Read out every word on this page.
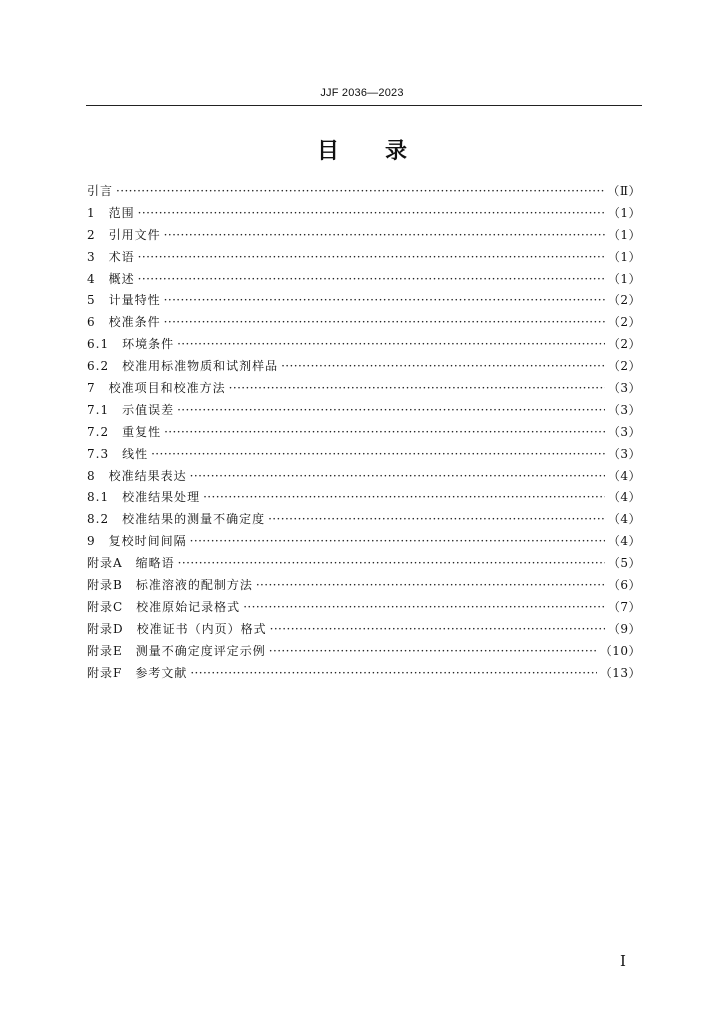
JJF 2036—2023
目录
引言 ·····	（Ⅱ）
1　范围 ·····	（1）
2　引用文件 ·····	（1）
3　术语 ·····	（1）
4　概述 ·····	（1）
5　计量特性 ·····	（2）
6　校准条件 ·····	（2）
6.1　环境条件 ·····	（2）
6.2　校准用标准物质和试剂样品 ·····	（2）
7　校准项目和校准方法 ·····	（3）
7.1　示值误差 ·····	（3）
7.2　重复性 ·····	（3）
7.3　线性 ·····	（3）
8　校准结果表达 ·····	（4）
8.1　校准结果处理 ·····	（4）
8.2　校准结果的测量不确定度 ·····	（4）
9　复校时间间隔 ·····	（4）
附录A　缩略语 ·····	（5）
附录B　标准溶液的配制方法 ·····	（6）
附录C　校准原始记录格式 ·····	（7）
附录D　校准证书（内页）格式 ·····	（9）
附录E　测量不确定度评定示例 ·····	（10）
附录F　参考文献 ·····	（13）
I
